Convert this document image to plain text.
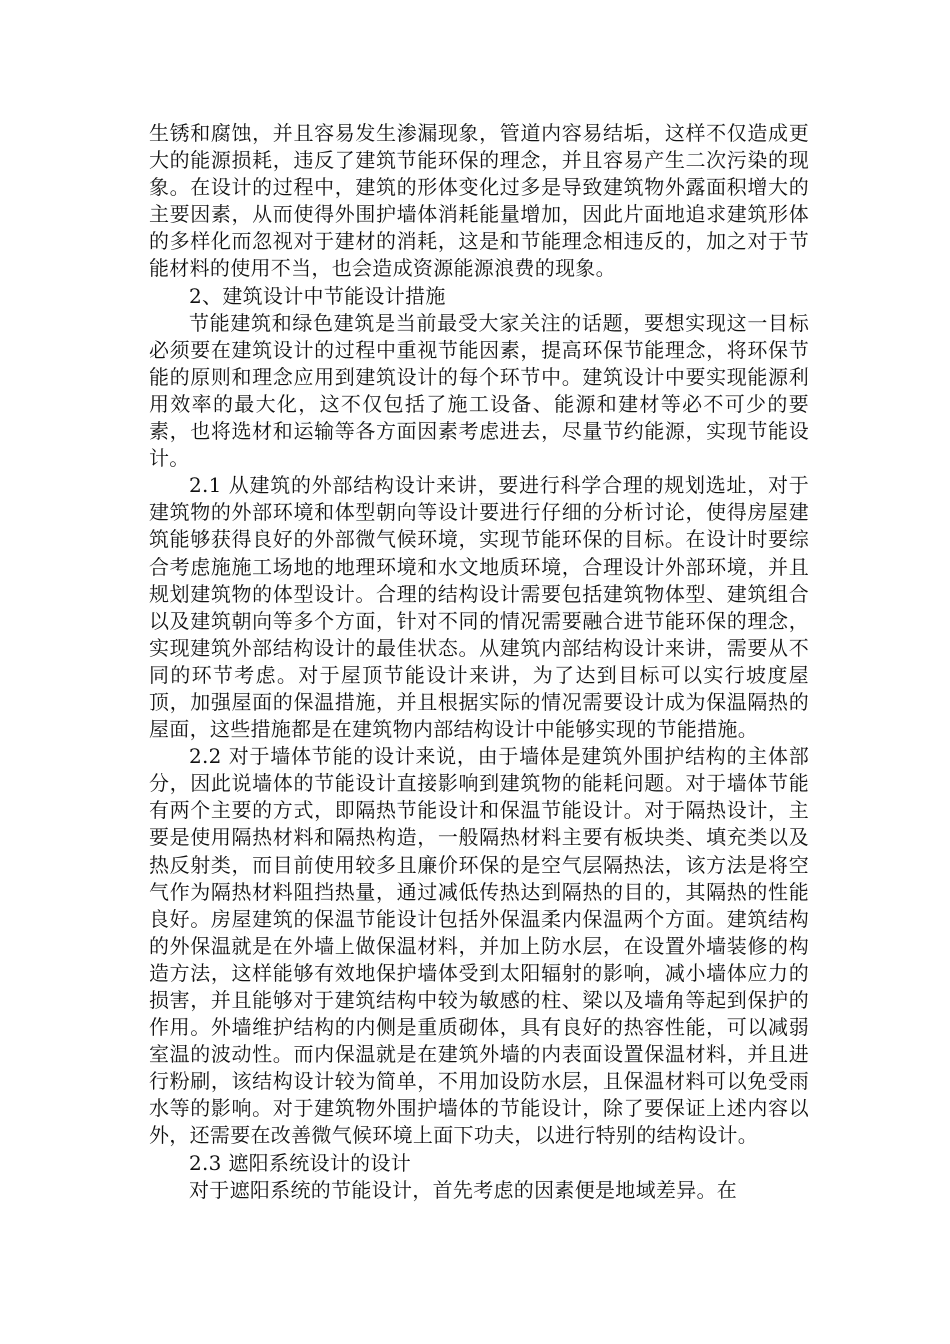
生锈和腐蚀，并且容易发生渗漏现象，管道内容易结垢，这样不仅造成更大的能源损耗，违反了建筑节能环保的理念，并且容易产生二次污染的现象。在设计的过程中，建筑的形体变化过多是导致建筑物外露面积增大的主要因素，从而使得外围护墙体消耗能量增加，因此片面地追求建筑形体的多样化而忽视对于建材的消耗，这是和节能理念相违反的，加之对于节能材料的使用不当，也会造成资源能源浪费的现象。

2、建筑设计中节能设计措施

节能建筑和绿色建筑是当前最受大家关注的话题，要想实现这一目标必须要在建筑设计的过程中重视节能因素，提高环保节能理念，将环保节能的原则和理念应用到建筑设计的每个环节中。建筑设计中要实现能源利用效率的最大化，这不仅包括了施工设备、能源和建材等必不可少的要素，也将选材和运输等各方面因素考虑进去，尽量节约能源，实现节能设计。

2.1 从建筑的外部结构设计来讲，要进行科学合理的规划选址，对于建筑物的外部环境和体型朝向等设计要进行仔细的分析讨论，使得房屋建筑能够获得良好的外部微气候环境，实现节能环保的目标。在设计时要综合考虑施施工场地的地理环境和水文地质环境，合理设计外部环境，并且规划建筑物的体型设计。合理的结构设计需要包括建筑物体型、建筑组合以及建筑朝向等多个方面，针对不同的情况需要融合进节能环保的理念，实现建筑外部结构设计的最佳状态。从建筑内部结构设计来讲，需要从不同的环节考虑。对于屋顶节能设计来讲，为了达到目标可以实行坡度屋顶，加强屋面的保温措施，并且根据实际的情况需要设计成为保温隔热的屋面，这些措施都是在建筑物内部结构设计中能够实现的节能措施。

2.2 对于墙体节能的设计来说，由于墙体是建筑外围护结构的主体部分，因此说墙体的节能设计直接影响到建筑物的能耗问题。对于墙体节能有两个主要的方式，即隔热节能设计和保温节能设计。对于隔热设计，主要是使用隔热材料和隔热构造，一般隔热材料主要有板块类、填充类以及热反射类，而目前使用较多且廉价环保的是空气层隔热法，该方法是将空气作为隔热材料阻挡热量，通过减低传热达到隔热的目的，其隔热的性能良好。房屋建筑的保温节能设计包括外保温柔内保温两个方面。建筑结构的外保温就是在外墙上做保温材料，并加上防水层，在设置外墙装修的构造方法，这样能够有效地保护墙体受到太阳辐射的影响，减小墙体应力的损害，并且能够对于建筑结构中较为敏感的柱、梁以及墙角等起到保护的作用。外墙维护结构的内侧是重质砌体，具有良好的热容性能，可以减弱室温的波动性。而内保温就是在建筑外墙的内表面设置保温材料，并且进行粉刷，该结构设计较为简单，不用加设防水层，且保温材料可以免受雨水等的影响。对于建筑物外围护墙体的节能设计，除了要保证上述内容以外，还需要在改善微气候环境上面下功夫，以进行特别的结构设计。

2.3 遮阳系统设计的设计

对于遮阳系统的节能设计，首先考虑的因素便是地域差异。在
